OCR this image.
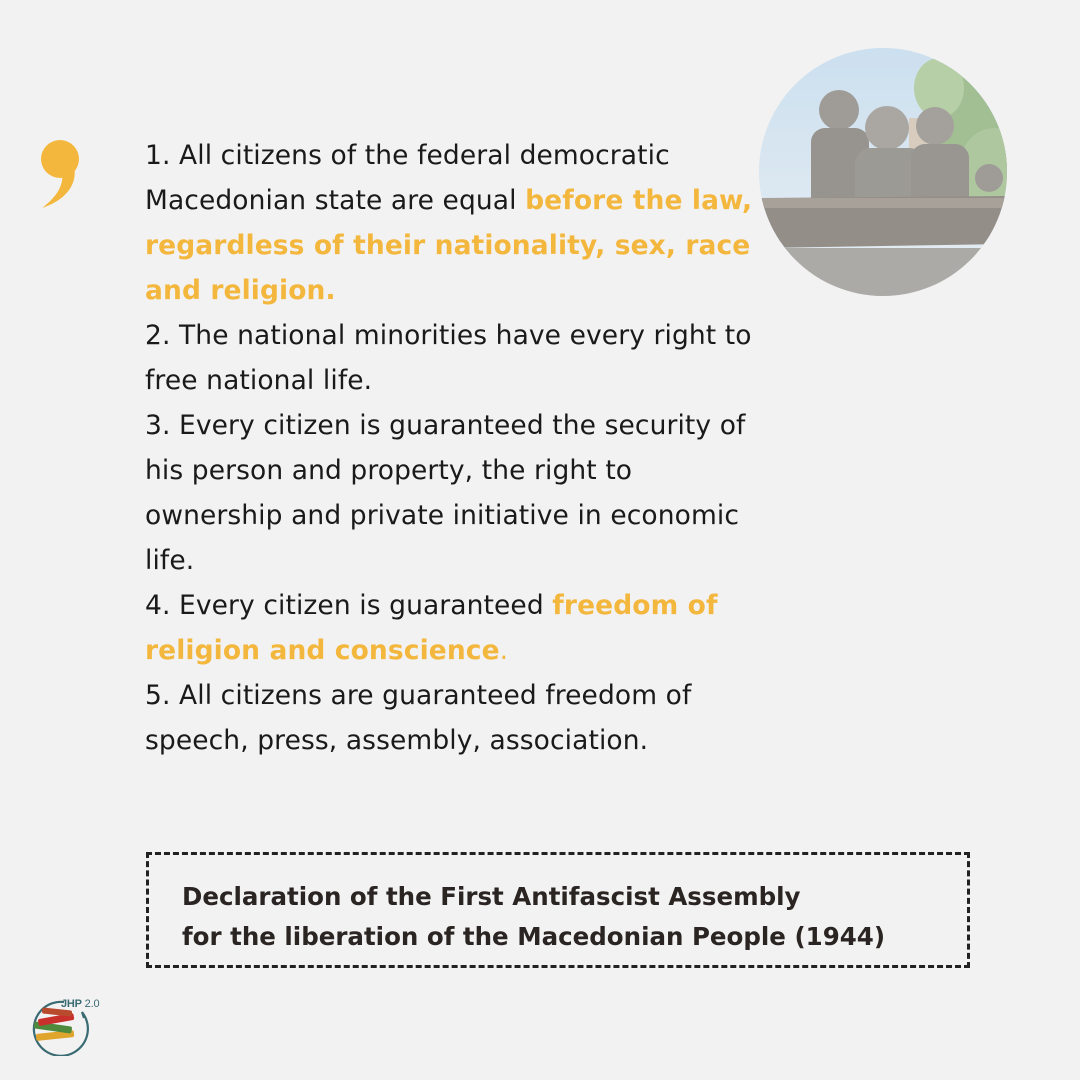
1. All citizens of the federal democratic Macedonian state are equal before the law, regardless of their nationality, sex, race and religion.

2. The national minorities have every right to free national life.

3. Every citizen is guaranteed the security of his person and property, the right to ownership and private initiative in economic life.

4. Every citizen is guaranteed freedom of religion and conscience.

5. All citizens are guaranteed freedom of speech, press, assembly, association.

Declaration of the First Antifascist Assembly
for the liberation of the Macedonian People (1944)
JHP 2.0
